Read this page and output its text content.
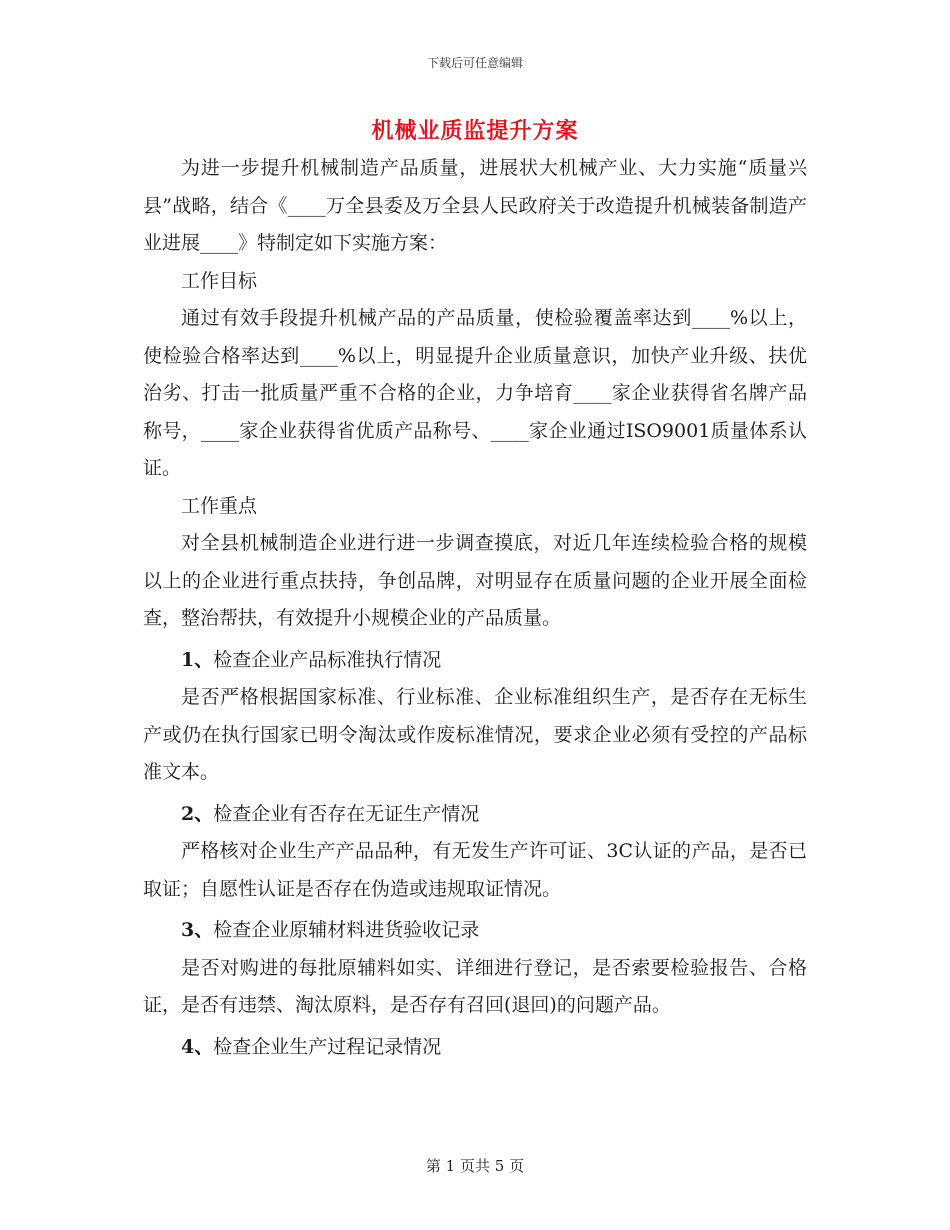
下载后可任意编辑
机械业质监提升方案

为进一步提升机械制造产品质量，进展状大机械产业、大力实施“质量兴县”战略，结合《____万全县委及万全县人民政府关于改造提升机械装备制造产业进展____》特制定如下实施方案：

工作目标

通过有效手段提升机械产品的产品质量，使检验覆盖率达到____%以上，使检验合格率达到____%以上，明显提升企业质量意识，加快产业升级、扶优治劣、打击一批质量严重不合格的企业，力争培育____家企业获得省名牌产品称号，____家企业获得省优质产品称号、____家企业通过ISO9001质量体系认证。

工作重点

对全县机械制造企业进行进一步调查摸底，对近几年连续检验合格的规模以上的企业进行重点扶持，争创品牌，对明显存在质量问题的企业开展全面检查，整治帮扶，有效提升小规模企业的产品质量。

1、检查企业产品标准执行情况

是否严格根据国家标准、行业标准、企业标准组织生产，是否存在无标生产或仍在执行国家已明令淘汰或作废标准情况，要求企业必须有受控的产品标准文本。

2、检查企业有否存在无证生产情况

严格核对企业生产产品品种，有无发生产许可证、3C认证的产品，是否已取证；自愿性认证是否存在伪造或违规取证情况。

3、检查企业原辅材料进货验收记录

是否对购进的每批原辅料如实、详细进行登记，是否索要检验报告、合格证，是否有违禁、淘汰原料，是否存有召回(退回)的问题产品。

4、检查企业生产过程记录情况

第 1 页共 5 页
